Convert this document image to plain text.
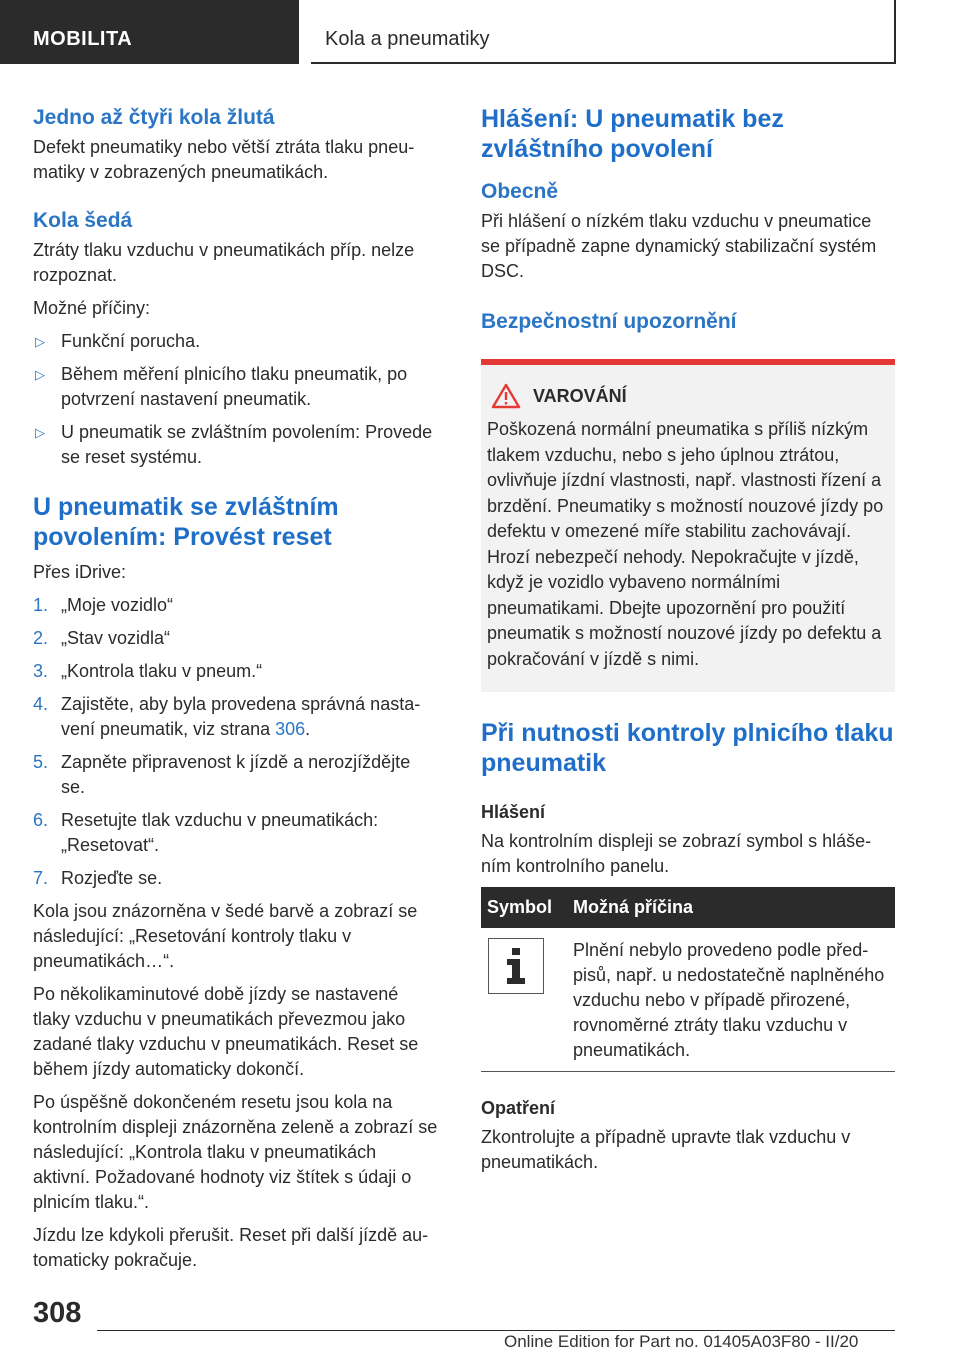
MOBILITA	Kola a pneumatiky
Jedno až čtyři kola žlutá

Defekt pneumatiky nebo větší ztráta tlaku pneumatiky v zobrazených pneumatikách.

Kola šedá

Ztráty tlaku vzduchu v pneumatikách příp. nelze rozpoznat.

Možné příčiny:

▷ Funkční porucha.
▷ Během měření plnicího tlaku pneumatik, po potvrzení nastavení pneumatik.
▷ U pneumatik se zvláštním povolením: Provede se reset systému.
U pneumatik se zvláštním povolením: Provést reset

Přes iDrive:

1. „Moje vozidlo“
2. „Stav vozidla“
3. „Kontrola tlaku v pneum.“
4. Zajistěte, aby byla provedena správná nastavení pneumatik, viz strana 306.
5. Zapněte připravenost k jízdě a nerozjíždějte se.
6. Resetujte tlak vzduchu v pneumatikách: „Resetovat“.
7. Rozjeďte se.

Kola jsou znázorněna v šedé barvě a zobrazí se následující: „Resetování kontroly tlaku v pneumatikách…“.

Po několikaminutové době jízdy se nastavené tlaky vzduchu v pneumatikách převezmou jako zadané tlaky vzduchu v pneumatikách. Reset se během jízdy automaticky dokončí.

Po úspěšně dokončeném resetu jsou kola na kontrolním displeji znázorněna zeleně a zobrazí se následující: „Kontrola tlaku v pneumatikách aktivní. Požadované hodnoty viz štítek s údaji o plnicím tlaku.“.

Jízdu lze kdykoli přerušit. Reset při další jízdě automaticky pokračuje.

Hlášení: U pneumatik bez zvláštního povolení
Obecně

Při hlášení o nízkém tlaku vzduchu v pneumatice se případně zapne dynamický stabilizační systém DSC.

Bezpečnostní upozornění
VAROVÁNÍ

Poškozená normální pneumatika s příliš nízkým tlakem vzduchu, nebo s jeho úplnou ztrátou, ovlivňuje jízdní vlastnosti, např. vlastnosti řízení a brzdění. Pneumatiky s možností nouzové jízdy po defektu v omezené míře stabilitu zachovávají. Hrozí nebezpečí nehody. Nepokračujte v jízdě, když je vozidlo vybaveno normálními pneumatikami. Dbejte upozornění pro použití pneumatik s možností nouzové jízdy po defektu a pokračování v jízdě s nimi.

Při nutnosti kontroly plnicího tlaku pneumatik
Hlášení

Na kontrolním displeji se zobrazí symbol s hlášením kontrolního panelu.

Symbol	Možná příčina

	Plnění nebylo provedeno podle předpisů, např. u nedostatečně naplněného vzduchu nebo v případě přirozené, rovnoměrné ztráty tlaku vzduchu v pneumatikách.
Opatření

Zkontrolujte a případně upravte tlak vzduchu v pneumatikách.

308
Online Edition for Part no. 01405A03F80 - II/20
